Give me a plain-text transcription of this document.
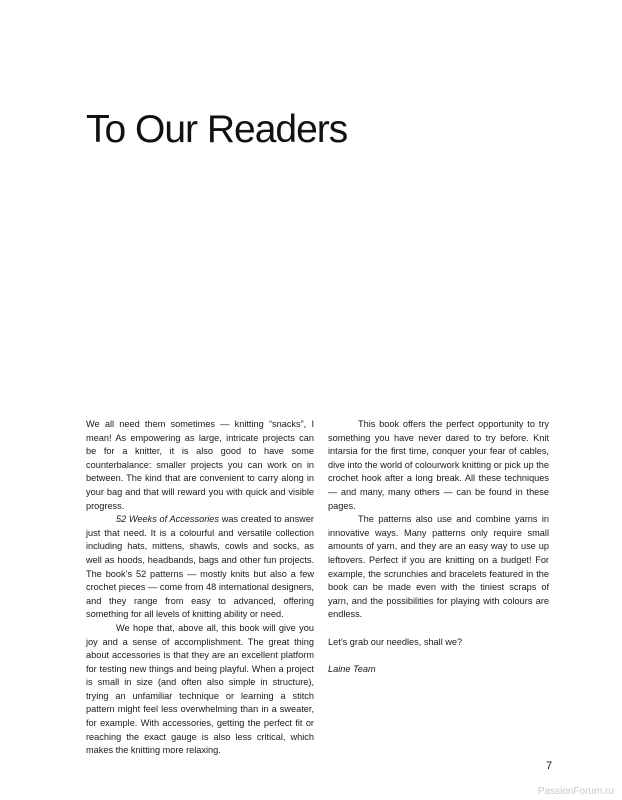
To Our Readers

We all need them sometimes — knitting “snacks”, I mean! As empowering as large, intricate projects can be for a knitter, it is also good to have some counterbalance: smaller projects you can work on in between. The kind that are convenient to carry along in your bag and that will reward you with quick and visible progress.

52 Weeks of Accessories was created to answer just that need. It is a colourful and versatile collection including hats, mittens, shawls, cowls and socks, as well as hoods, headbands, bags and other fun projects. The book’s 52 patterns — mostly knits but also a few crochet pieces — come from 48 international designers, and they range from easy to advanced, offering something for all levels of knitting ability or need.

We hope that, above all, this book will give you joy and a sense of accomplishment. The great thing about accessories is that they are an excellent platform for testing new things and being playful. When a project is small in size (and often also simple in structure), trying an unfamiliar technique or learning a stitch pattern might feel less overwhelming than in a sweater, for example. With accessories, getting the perfect fit or reaching the exact gauge is also less critical, which makes the knitting more relaxing.

This book offers the perfect opportunity to try something you have never dared to try before. Knit intarsia for the first time, conquer your fear of cables, dive into the world of colourwork knitting or pick up the crochet hook after a long break. All these techniques — and many, many others — can be found in these pages.

The patterns also use and combine yarns in innovative ways. Many patterns only require small amounts of yarn, and they are an easy way to use up leftovers. Perfect if you are knitting on a budget! For example, the scrunchies and bracelets featured in the book can be made even with the tiniest scraps of yarn, and the possibilities for playing with colours are endless.

Let’s grab our needles, shall we?

Laine Team

7
PassionForum.ru
